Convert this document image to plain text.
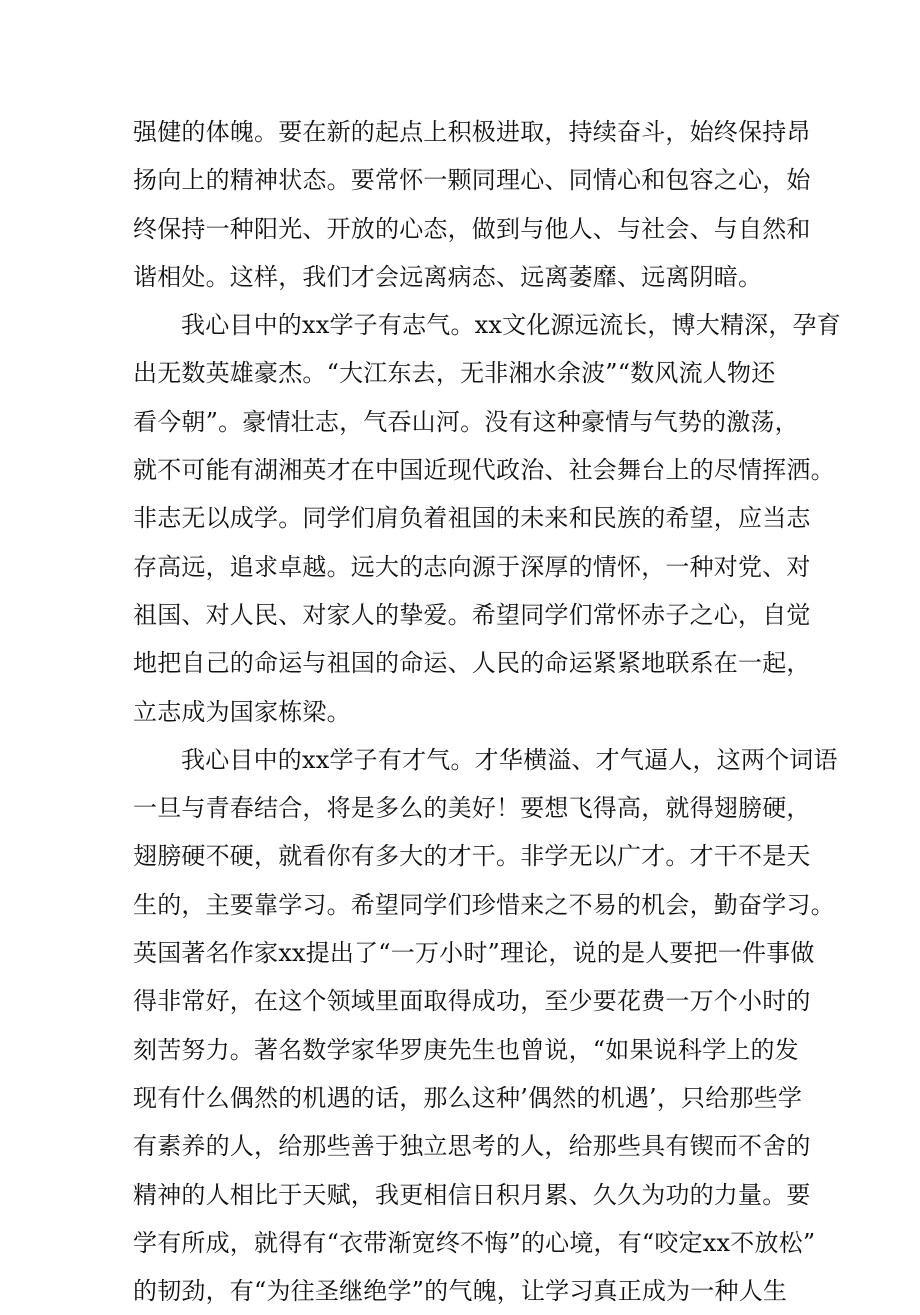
强健的体魄。要在新的起点上积极进取，持续奋斗，始终保持昂
扬向上的精神状态。要常怀一颗同理心、同情心和包容之心，始
终保持一种阳光、开放的心态，做到与他人、与社会、与自然和
谐相处。这样，我们才会远离病态、远离萎靡、远离阴暗。
我心目中的xx学子有志气。xx文化源远流长，博大精深，孕育
出无数英雄豪杰。“大江东去，无非湘水余波”“数风流人物还
看今朝”。豪情壮志，气吞山河。没有这种豪情与气势的激荡，
就不可能有湖湘英才在中国近现代政治、社会舞台上的尽情挥洒。
非志无以成学。同学们肩负着祖国的未来和民族的希望，应当志
存高远，追求卓越。远大的志向源于深厚的情怀，一种对党、对
祖国、对人民、对家人的挚爱。希望同学们常怀赤子之心，自觉
地把自己的命运与祖国的命运、人民的命运紧紧地联系在一起，
立志成为国家栋梁。
我心目中的xx学子有才气。才华横溢、才气逼人，这两个词语
一旦与青春结合，将是多么的美好！要想飞得高，就得翅膀硬，
翅膀硬不硬，就看你有多大的才干。非学无以广才。才干不是天
生的，主要靠学习。希望同学们珍惜来之不易的机会，勤奋学习。
英国著名作家xx提出了“一万小时”理论，说的是人要把一件事做
得非常好，在这个领域里面取得成功，至少要花费一万个小时的
刻苦努力。著名数学家华罗庚先生也曾说，“如果说科学上的发
现有什么偶然的机遇的话，那么这种’偶然的机遇’，只给那些学
有素养的人，给那些善于独立思考的人，给那些具有锲而不舍的
精神的人相比于天赋，我更相信日积月累、久久为功的力量。要
学有所成，就得有“衣带渐宽终不悔”的心境，有“咬定xx不放松”
的韧劲，有“为往圣继绝学”的气魄，让学习真正成为一种人生
